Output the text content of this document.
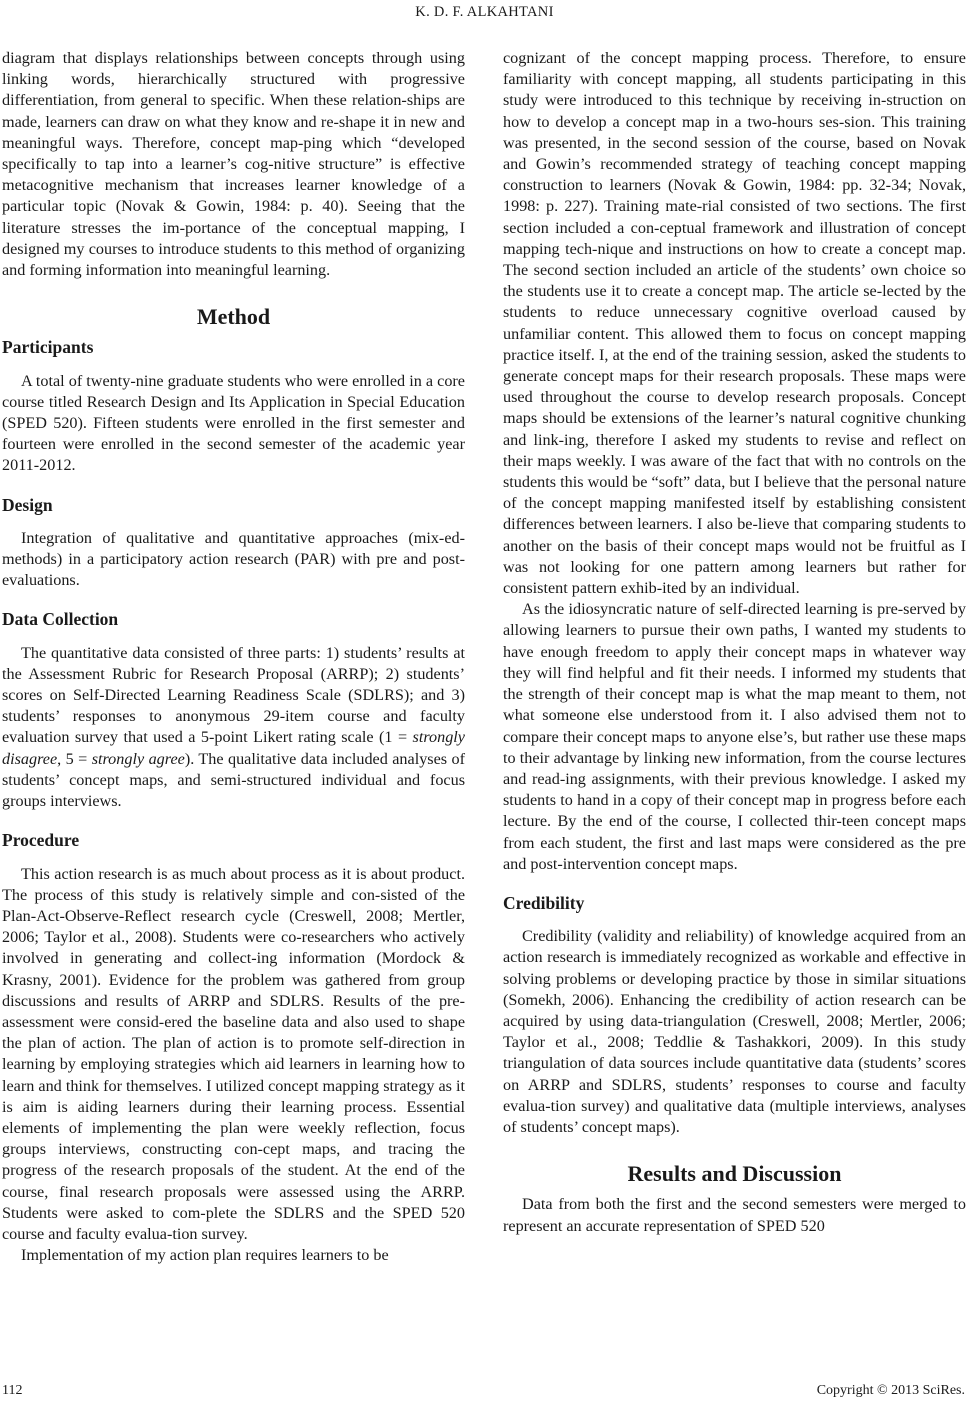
K. D. F. ALKAHTANI

diagram that displays relationships between concepts through using linking words, hierarchically structured with progressive differentiation, from general to specific. When these relation-ships are made, learners can draw on what they know and re-shape it in new and meaningful ways. Therefore, concept map-ping which “developed specifically to tap into a learner’s cog-nitive structure” is effective metacognitive mechanism that increases learner knowledge of a particular topic (Novak & Gowin, 1984: p. 40). Seeing that the literature stresses the im-portance of the conceptual mapping, I designed my courses to introduce students to this method of organizing and forming information into meaningful learning.

Method
Participants

A total of twenty-nine graduate students who were enrolled in a core course titled Research Design and Its Application in Special Education (SPED 520). Fifteen students were enrolled in the first semester and fourteen were enrolled in the second semester of the academic year 2011-2012.

Design

Integration of qualitative and quantitative approaches (mix-ed-methods) in a participatory action research (PAR) with pre and post-evaluations.

Data Collection

The quantitative data consisted of three parts: 1) students’ results at the Assessment Rubric for Research Proposal (ARRP); 2) students’ scores on Self-Directed Learning Readiness Scale (SDLRS); and 3) students’ responses to anonymous 29-item course and faculty evaluation survey that used a 5-point Likert rating scale (1 = strongly disagree, 5 = strongly agree). The qualitative data included analyses of students’ concept maps, and semi-structured individual and focus groups interviews.

Procedure

This action research is as much about process as it is about product. The process of this study is relatively simple and con-sisted of the Plan-Act-Observe-Reflect research cycle (Creswell, 2008; Mertler, 2006; Taylor et al., 2008). Students were co-researchers who actively involved in generating and collect-ing information (Mordock & Krasny, 2001). Evidence for the problem was gathered from group discussions and results of ARRP and SDLRS. Results of the pre-assessment were consid-ered the baseline data and also used to shape the plan of action. The plan of action is to promote self-direction in learning by employing strategies which aid learners in learning how to learn and think for themselves. I utilized concept mapping strategy as it is aim is aiding learners during their learning process. Essential elements of implementing the plan were weekly reflection, focus groups interviews, constructing con-cept maps, and tracing the progress of the research proposals of the student. At the end of the course, final research proposals were assessed using the ARRP. Students were asked to com-plete the SDLRS and the SPED 520 course and faculty evalua-tion survey.

Implementation of my action plan requires learners to be

cognizant of the concept mapping process. Therefore, to ensure familiarity with concept mapping, all students participating in this study were introduced to this technique by receiving in-struction on how to develop a concept map in a two-hours ses-sion. This training was presented, in the second session of the course, based on Novak and Gowin’s recommended strategy of teaching concept mapping construction to learners (Novak & Gowin, 1984: pp. 32-34; Novak, 1998: p. 227). Training mate-rial consisted of two sections. The first section included a con-ceptual framework and illustration of concept mapping tech-nique and instructions on how to create a concept map. The second section included an article of the students’ own choice so the students use it to create a concept map. The article se-lected by the students to reduce unnecessary cognitive overload caused by unfamiliar content. This allowed them to focus on concept mapping practice itself. I, at the end of the training session, asked the students to generate concept maps for their research proposals. These maps were used throughout the course to develop research proposals. Concept maps should be extensions of the learner’s natural cognitive chunking and link-ing, therefore I asked my students to revise and reflect on their maps weekly. I was aware of the fact that with no controls on the students this would be “soft” data, but I believe that the personal nature of the concept mapping manifested itself by establishing consistent differences between learners. I also be-lieve that comparing students to another on the basis of their concept maps would not be fruitful as I was not looking for one pattern among learners but rather for consistent pattern exhib-ited by an individual.

As the idiosyncratic nature of self-directed learning is pre-served by allowing learners to pursue their own paths, I wanted my students to have enough freedom to apply their concept maps in whatever way they will find helpful and fit their needs. I informed my students that the strength of their concept map is what the map meant to them, not what someone else understood from it. I also advised them not to compare their concept maps to anyone else’s, but rather use these maps to their advantage by linking new information, from the course lectures and read-ing assignments, with their previous knowledge. I asked my students to hand in a copy of their concept map in progress before each lecture. By the end of the course, I collected thir-teen concept maps from each student, the first and last maps were considered as the pre and post-intervention concept maps.

Credibility

Credibility (validity and reliability) of knowledge acquired from an action research is immediately recognized as workable and effective in solving problems or developing practice by those in similar situations (Somekh, 2006). Enhancing the credibility of action research can be acquired by using data-triangulation (Creswell, 2008; Mertler, 2006; Taylor et al., 2008; Teddlie & Tashakkori, 2009). In this study triangulation of data sources include quantitative data (students’ scores on ARRP and SDLRS, students’ responses to course and faculty evalua-tion survey) and qualitative data (multiple interviews, analyses of students’ concept maps).

Results and Discussion

Data from both the first and the second semesters were merged to represent an accurate representation of SPED 520

112	Copyright © 2013 SciRes.
